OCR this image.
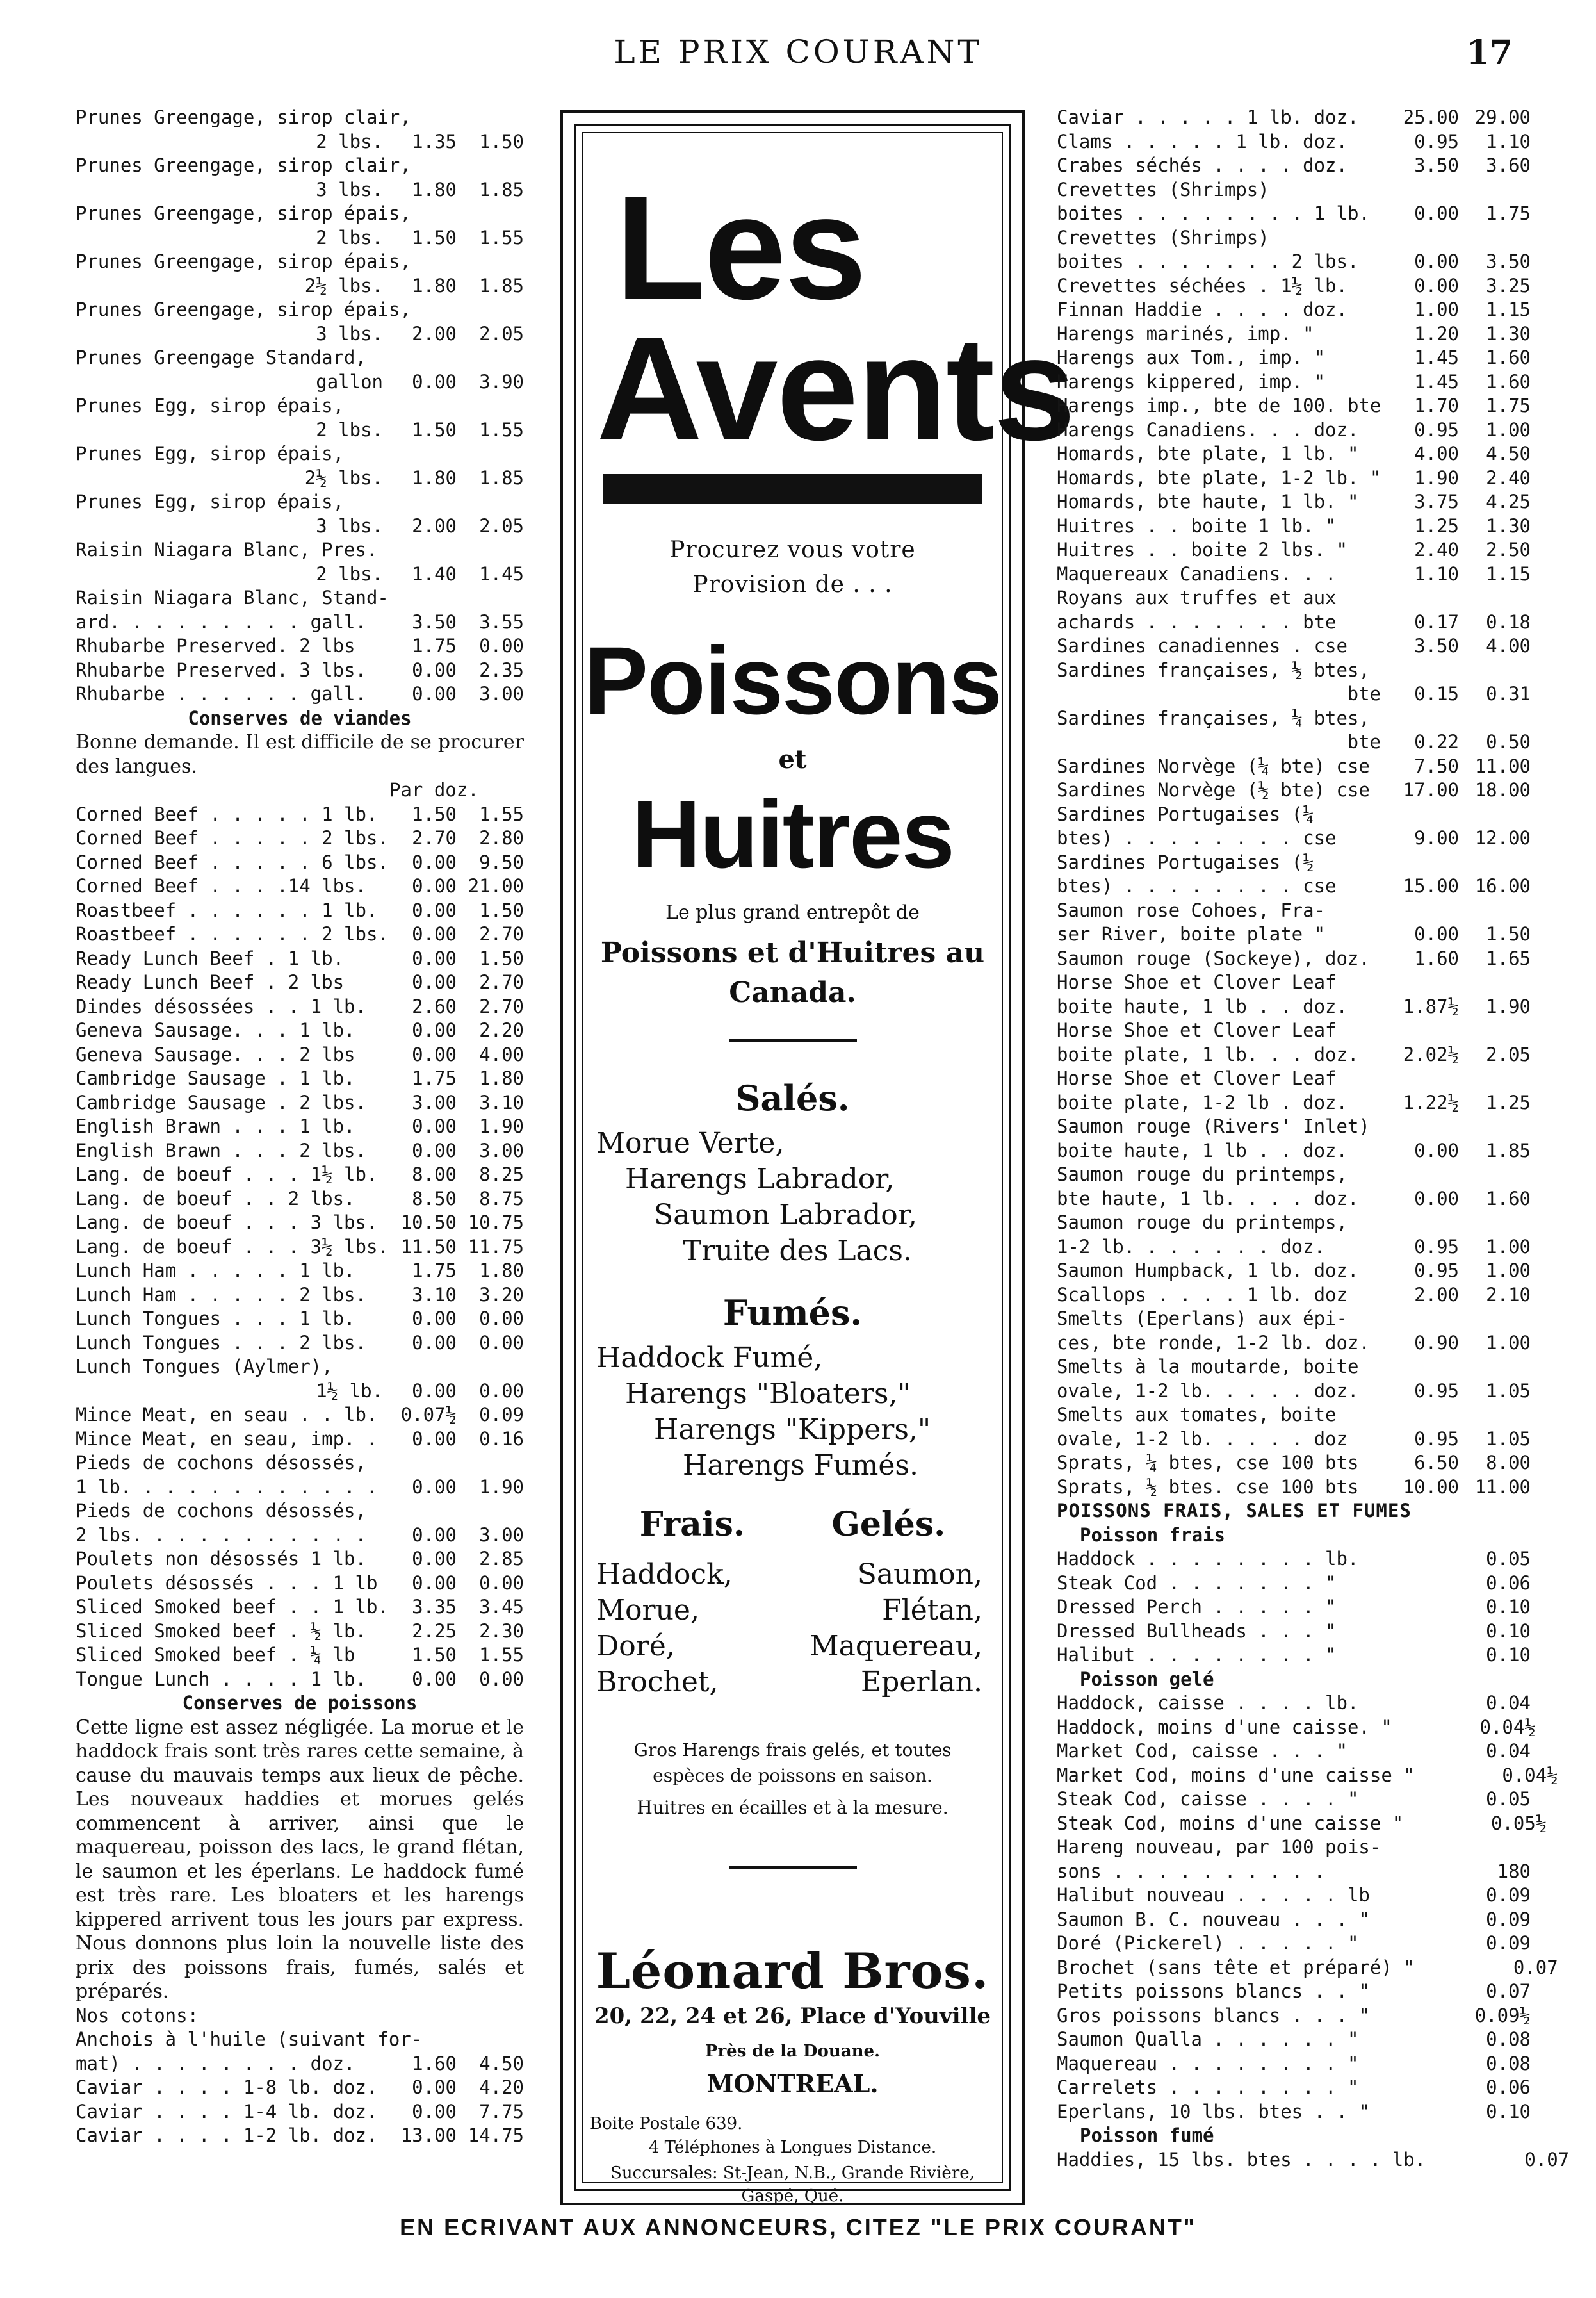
LE PRIX COURANT	17
Prunes Greengage, sirop clair,
2 lbs.	1.35	1.50
Prunes Greengage, sirop clair,
3 lbs.	1.80	1.85
Prunes Greengage, sirop épais,
2 lbs.	1.50	1.55
Prunes Greengage, sirop épais,
2½ lbs.	1.80	1.85
Prunes Greengage, sirop épais,
3 lbs.	2.00	2.05
Prunes Greengage Standard,
gallon	0.00	3.90
Prunes Egg, sirop épais,
2 lbs.	1.50	1.55
Prunes Egg, sirop épais,
2½ lbs.	1.80	1.85
Prunes Egg, sirop épais,
3 lbs.	2.00	2.05
Raisin Niagara Blanc, Pres.
2 lbs.	1.40	1.45
Raisin Niagara Blanc, Stand-
ard. . . . . . . . . gall.	3.50	3.55
Rhubarbe Preserved. 2 lbs	1.75	0.00
Rhubarbe Preserved. 3 lbs.	0.00	2.35
Rhubarbe . . . . . . gall.	0.00	3.00
Conserves de viandes

Bonne demande. Il est difficile de se procurer des langues.

Par doz.
Corned Beef . . . . . 1 lb.	1.50	1.55
Corned Beef . . . . . 2 lbs.	2.70	2.80
Corned Beef . . . . . 6 lbs.	0.00	9.50
Corned Beef . . . .14 lbs.	0.00 21.00
Roastbeef . . . . . . 1 lb.	0.00	1.50
Roastbeef . . . . . . 2 lbs.	0.00	2.70
Ready Lunch Beef . 1 lb.	0.00	1.50
Ready Lunch Beef . 2 lbs	0.00	2.70
Dindes désossées . . 1 lb.	2.60	2.70
Geneva Sausage. . . 1 lb.	0.00	2.20
Geneva Sausage. . . 2 lbs	0.00	4.00
Cambridge Sausage . 1 lb.	1.75	1.80
Cambridge Sausage . 2 lbs.	3.00	3.10
English Brawn . . . 1 lb.	0.00	1.90
English Brawn . . . 2 lbs.	0.00	3.00
Lang. de boeuf . . . 1½ lb.	8.00	8.25
Lang. de boeuf . . 2 lbs.	8.50	8.75
Lang. de boeuf . . . 3 lbs.	10.50 10.75
Lang. de boeuf . . . 3½ lbs. 11.50 11.75
Lunch Ham . . . . . 1 lb.	1.75	1.80
Lunch Ham . . . . . 2 lbs.	3.10	3.20
Lunch Tongues . . . 1 lb.	0.00	0.00
Lunch Tongues . . . 2 lbs.	0.00	0.00
Lunch Tongues (Aylmer),
1½ lb.	0.00	0.00
Mince Meat, en seau . . lb.	0.07½	0.09
Mince Meat, en seau, imp. .	0.00	0.16
Pieds de cochons désossés,
1 lb. . . . . . . . . . . .	0.00	1.90
Pieds de cochons désossés,
2 lbs. . . . . . . . . . .	0.00	3.00
Poulets non désossés 1 lb.	0.00	2.85
Poulets désossés . . . 1 lb	0.00	0.00
Sliced Smoked beef . . 1 lb.	3.35	3.45
Sliced Smoked beef . ½ lb.	2.25	2.30
Sliced Smoked beef . ¼ lb	1.50	1.55
Tongue Lunch . . . . 1 lb.	0.00	0.00
Conserves de poissons

Cette ligne est assez négligée. La morue et le haddock frais sont très rares cette semaine, à cause du mauvais temps aux lieux de pêche. Les nouveaux haddies et morues gelés commencent à arriver, ainsi que le maquereau, poisson des lacs, le grand flétan, le saumon et les éperlans. Le haddock fumé est très rare. Les bloaters et les harengs kippered arrivent tous les jours par express. Nous donnons plus loin la nouvelle liste des prix des poissons frais, fumés, salés et préparés.

Nos cotons:
Anchois à l'huile (suivant for-
mat) . . . . . . . . doz.	1.60	4.50
Caviar . . . . 1-8 lb. doz.	0.00	4.20
Caviar . . . . 1-4 lb. doz.	0.00	7.75
Caviar . . . . 1-2 lb. doz.	13.00 14.75
Les
Avents
Procurez vous votre
Provision de . . .
Poissons
et
Huitres
Le plus grand entrepôt de
Poissons et d'Huitres au
Canada.
Salés.
Morue Verte,
Harengs Labrador,
Saumon Labrador,
Truite des Lacs.
Fumés.
Haddock Fumé,
Harengs "Bloaters,"
Harengs "Kippers,"
Harengs Fumés.
Frais.	Gelés.
Haddock,	Saumon,
Morue,	Flétan,
Doré,	Maquereau,
Brochet,	Eperlan.
Gros Harengs frais gelés, et toutes
espèces de poissons en saison.
Huitres en écailles et à la mesure.
Léonard Bros.
20, 22, 24 et 26, Place d'Youville
Près de la Douane.
MONTREAL.
Boite Postale 639.
4 Téléphones à Longues Distance.
Succursales: St-Jean, N.B., Grande Rivière,
Gaspé, Qué.
Caviar . . . . . 1 lb. doz.	25.00 29.00
Clams . . . . . 1 lb. doz.	0.95	1.10
Crabes séchés . . . . doz.	3.50	3.60
Crevettes (Shrimps)
boites . . . . . . . . 1 lb.	0.00	1.75
Crevettes (Shrimps)
boites . . . . . . . 2 lbs.	0.00	3.50
Crevettes séchées . 1½ lb.	0.00	3.25
Finnan Haddie . . . . doz.	1.00	1.15
Harengs marinés, imp. "	1.20	1.30
Harengs aux Tom., imp. "	1.45	1.60
Harengs kippered, imp. "	1.45	1.60
Harengs imp., bte de 100. bte	1.70	1.75
Harengs Canadiens. . . doz.	0.95	1.00
Homards, bte plate, 1 lb. "	4.00	4.50
Homards, bte plate, 1-2 lb. "	1.90	2.40
Homards, bte haute, 1 lb. "	3.75	4.25
Huitres . . boite 1 lb. "	1.25	1.30
Huitres . . boite 2 lbs. "	2.40	2.50
Maquereaux Canadiens. . .	1.10	1.15
Royans aux truffes et aux
achards . . . . . . . bte	0.17	0.18
Sardines canadiennes . cse	3.50	4.00
Sardines françaises, ½ btes,
bte	0.15	0.31
Sardines françaises, ¼ btes,
bte	0.22	0.50
Sardines Norvège (¼ bte) cse	7.50 11.00
Sardines Norvège (½ bte) cse	17.00 18.00
Sardines Portugaises (¼
btes) . . . . . . . . cse	9.00 12.00
Sardines Portugaises (½
btes) . . . . . . . . cse	15.00 16.00
Saumon rose Cohoes, Fra-
ser River, boite plate "	0.00	1.50
Saumon rouge (Sockeye), doz.	1.60	1.65
Horse Shoe et Clover Leaf
boite haute, 1 lb . . doz.	1.87½	1.90
Horse Shoe et Clover Leaf
boite plate, 1 lb. . . doz.	2.02½	2.05
Horse Shoe et Clover Leaf
boite plate, 1-2 lb . doz.	1.22½	1.25
Saumon rouge (Rivers' Inlet)
boite haute, 1 lb . . doz.	0.00	1.85
Saumon rouge du printemps,
bte haute, 1 lb. . . . doz.	0.00	1.60
Saumon rouge du printemps,
1-2 lb. . . . . . . doz.	0.95	1.00
Saumon Humpback, 1 lb. doz.	0.95	1.00
Scallops . . . . 1 lb. doz	2.00	2.10
Smelts (Eperlans) aux épi-
ces, bte ronde, 1-2 lb. doz.	0.90	1.00
Smelts à la moutarde, boite
ovale, 1-2 lb. . . . . doz.	0.95	1.05
Smelts aux tomates, boite
ovale, 1-2 lb. . . . . doz	0.95	1.05
Sprats, ¼ btes, cse 100 bts	6.50	8.00
Sprats, ½ btes. cse 100 bts	10.00 11.00
POISSONS FRAIS, SALES ET FUMES
Poisson frais
Haddock . . . . . . . . lb.	0.05
Steak Cod . . . . . . . "	0.06
Dressed Perch . . . . . "	0.10
Dressed Bullheads . . . "	0.10
Halibut . . . . . . . . "	0.10
Poisson gelé
Haddock, caisse . . . . lb.	0.04
Haddock, moins d'une caisse. "	0.04½
Market Cod, caisse . . . "	0.04
Market Cod, moins d'une caisse "	0.04½
Steak Cod, caisse . . . . "	0.05
Steak Cod, moins d'une caisse "	0.05½
Hareng nouveau, par 100 pois-
sons . . . . . . . . . .	180
Halibut nouveau . . . . . lb	0.09
Saumon B. C. nouveau . . . "	0.09
Doré (Pickerel) . . . . . "	0.09
Brochet (sans tête et préparé) "	0.07
Petits poissons blancs . . "	0.07
Gros poissons blancs . . . "	0.09½
Saumon Qualla . . . . . . "	0.08
Maquereau . . . . . . . . "	0.08
Carrelets . . . . . . . . "	0.06
Eperlans, 10 lbs. btes . . "	0.10
Poisson fumé
Haddies, 15 lbs. btes . . . . lb.	0.07
EN ECRIVANT AUX ANNONCEURS, CITEZ "LE PRIX COURANT"
